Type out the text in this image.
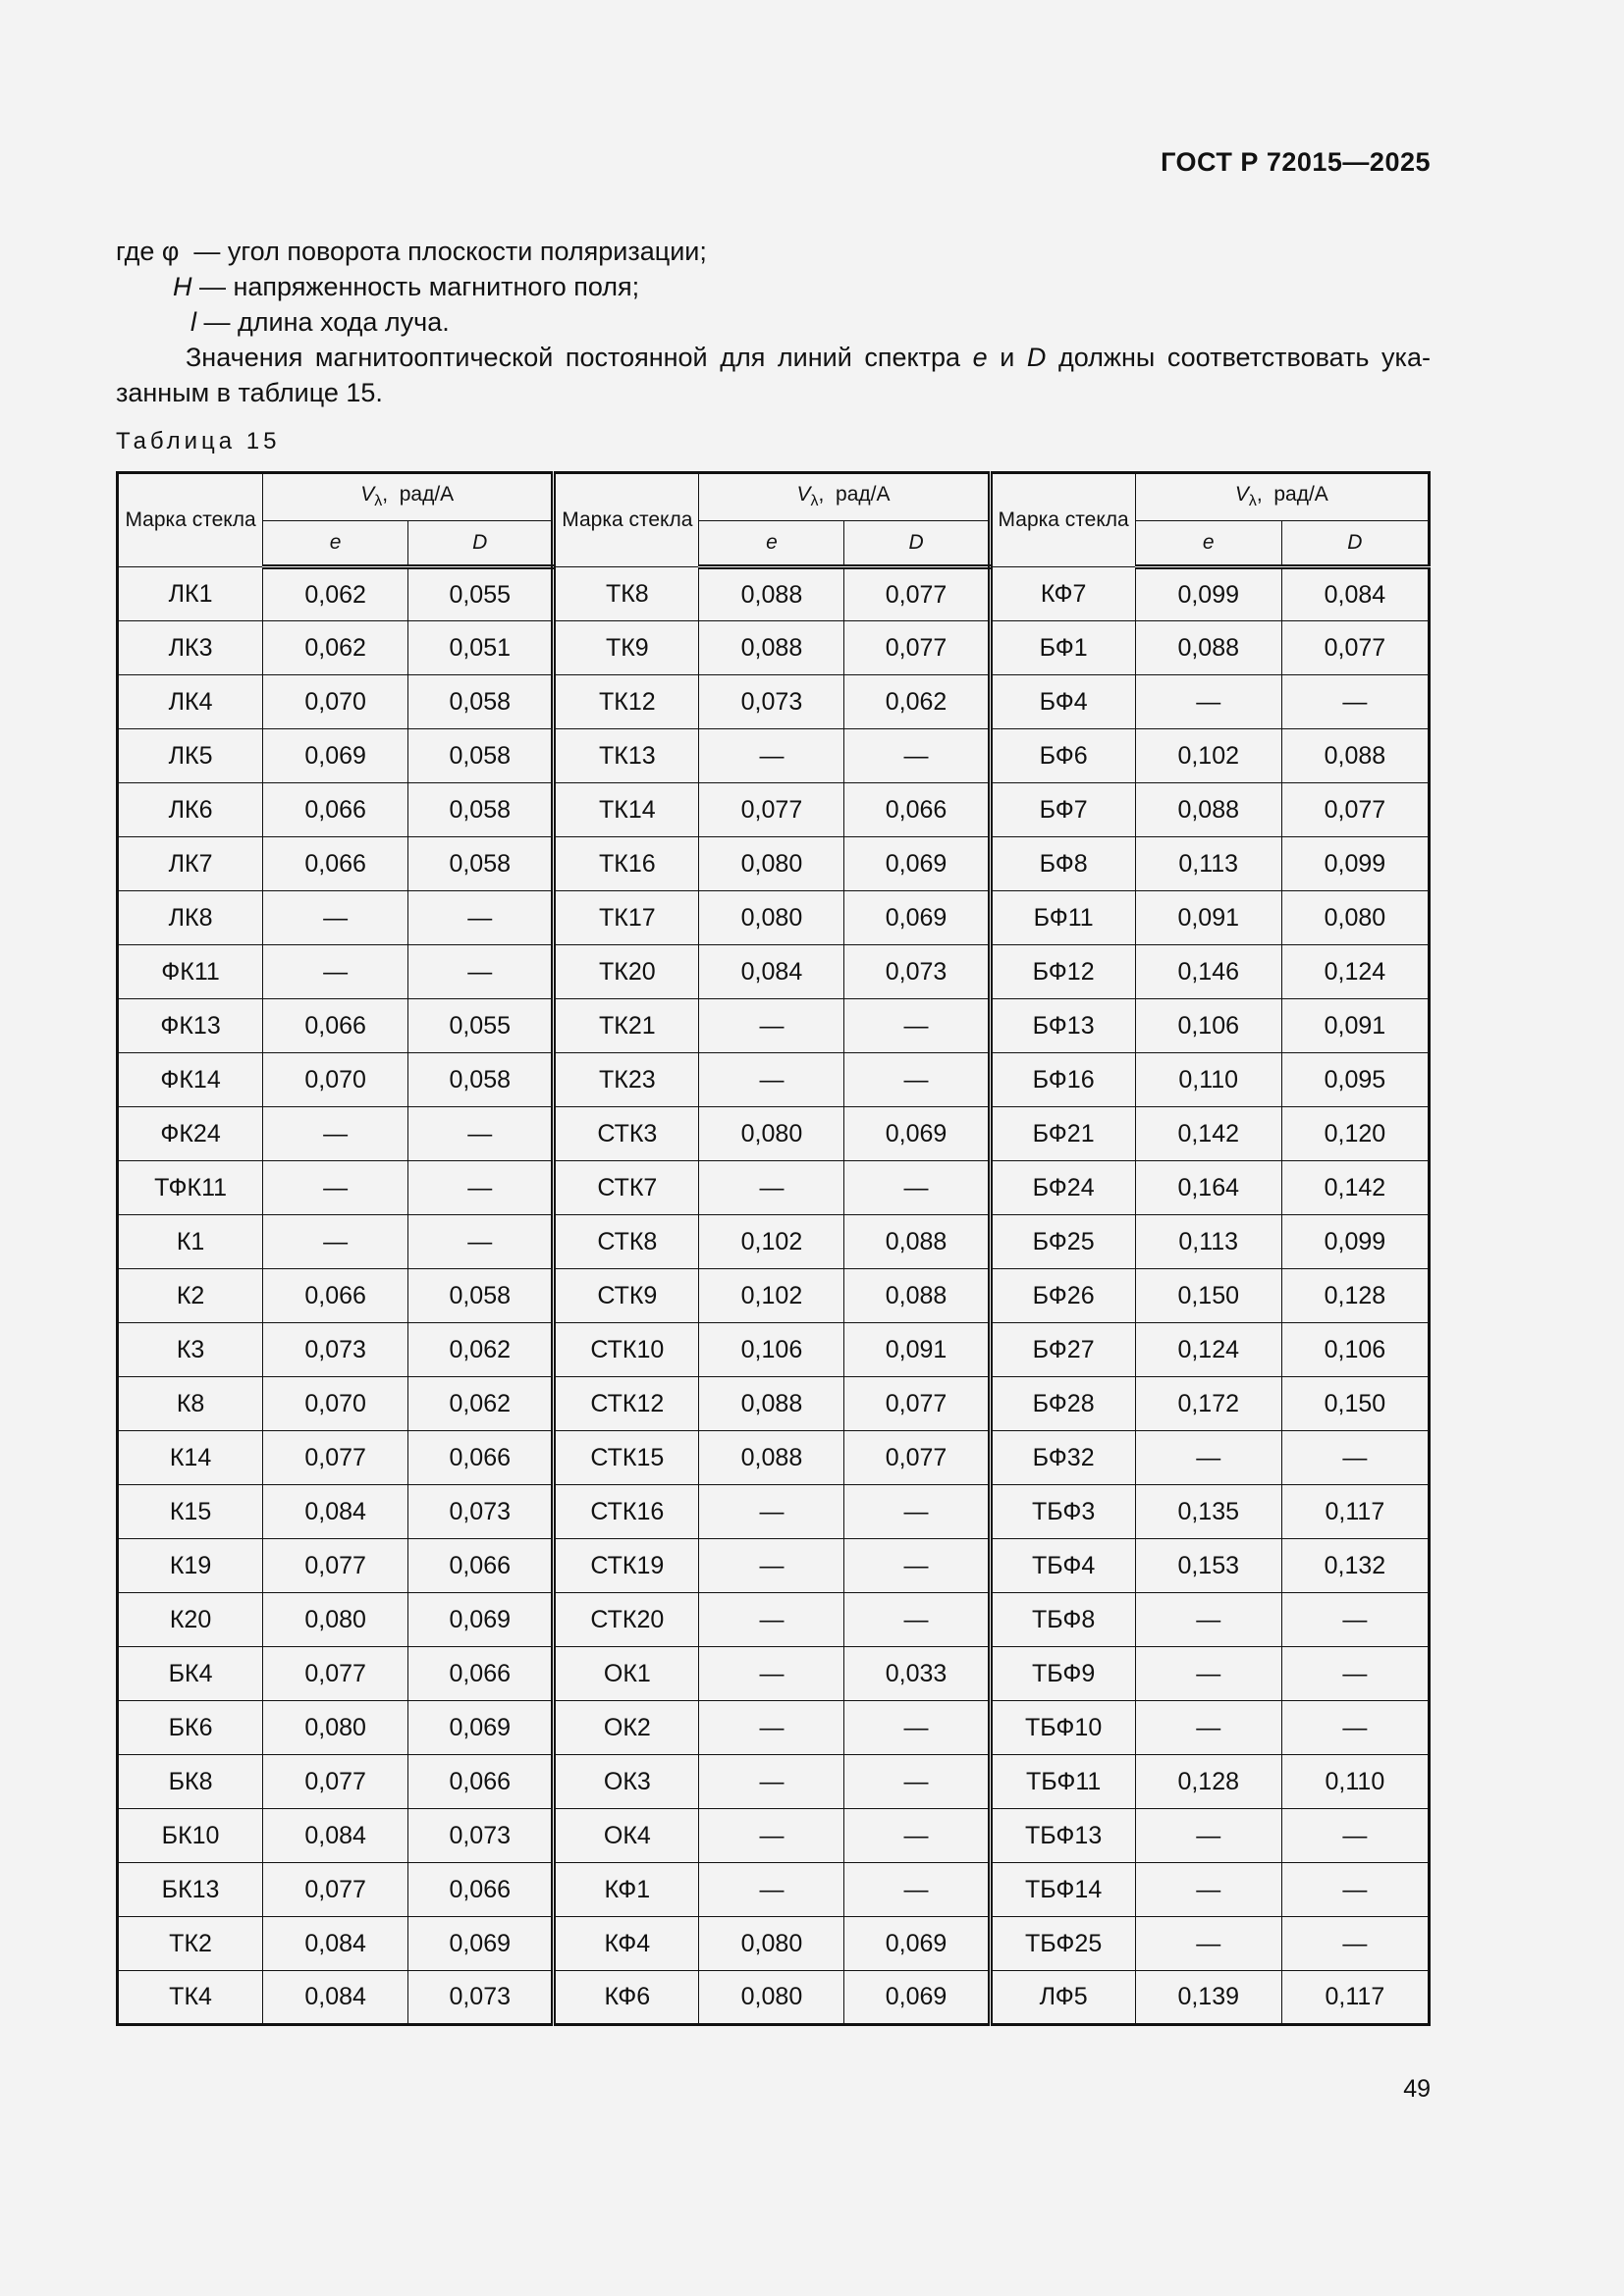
ГОСТ Р 72015—2025
где φ  — угол поворота плоскости поляризации;
H — напряженность магнитного поля;
l — длина хода луча.
Значения магнитооптической постоянной для линий спектра e и D должны соответствовать ука-занным в таблице 15.
Таблица 15
Марка стекла	$V_\lambda$,  рад/А		Марка стекла	$V_\lambda$,  рад/А		Марка стекла	$V_\lambda$,  рад/А	
	e	D		e	D		e	D
ЛК1	0,062	0,055	ТК8	0,088	0,077	КФ7	0,099	0,084
ЛК3	0,062	0,051	ТК9	0,088	0,077	БФ1	0,088	0,077
ЛК4	0,070	0,058	ТК12	0,073	0,062	БФ4	—	—
ЛК5	0,069	0,058	ТК13	—	—	БФ6	0,102	0,088
ЛК6	0,066	0,058	ТК14	0,077	0,066	БФ7	0,088	0,077
ЛК7	0,066	0,058	ТК16	0,080	0,069	БФ8	0,113	0,099
ЛК8	—	—	ТК17	0,080	0,069	БФ11	0,091	0,080
ФК11	—	—	ТК20	0,084	0,073	БФ12	0,146	0,124
ФК13	0,066	0,055	ТК21	—	—	БФ13	0,106	0,091
ФК14	0,070	0,058	ТК23	—	—	БФ16	0,110	0,095
ФК24	—	—	СТК3	0,080	0,069	БФ21	0,142	0,120
ТФК11	—	—	СТК7	—	—	БФ24	0,164	0,142
К1	—	—	СТК8	0,102	0,088	БФ25	0,113	0,099
К2	0,066	0,058	СТК9	0,102	0,088	БФ26	0,150	0,128
К3	0,073	0,062	СТК10	0,106	0,091	БФ27	0,124	0,106
К8	0,070	0,062	СТК12	0,088	0,077	БФ28	0,172	0,150
К14	0,077	0,066	СТК15	0,088	0,077	БФ32	—	—
К15	0,084	0,073	СТК16	—	—	ТБФ3	0,135	0,117
К19	0,077	0,066	СТК19	—	—	ТБФ4	0,153	0,132
К20	0,080	0,069	СТК20	—	—	ТБФ8	—	—
БК4	0,077	0,066	ОК1	—	0,033	ТБФ9	—	—
БК6	0,080	0,069	ОК2	—	—	ТБФ10	—	—
БК8	0,077	0,066	ОК3	—	—	ТБФ11	0,128	0,110
БК10	0,084	0,073	ОК4	—	—	ТБФ13	—	—
БК13	0,077	0,066	КФ1	—	—	ТБФ14	—	—
ТК2	0,084	0,069	КФ4	0,080	0,069	ТБФ25	—	—
ТК4	0,084	0,073	КФ6	0,080	0,069	ЛФ5	0,139	0,117
49
